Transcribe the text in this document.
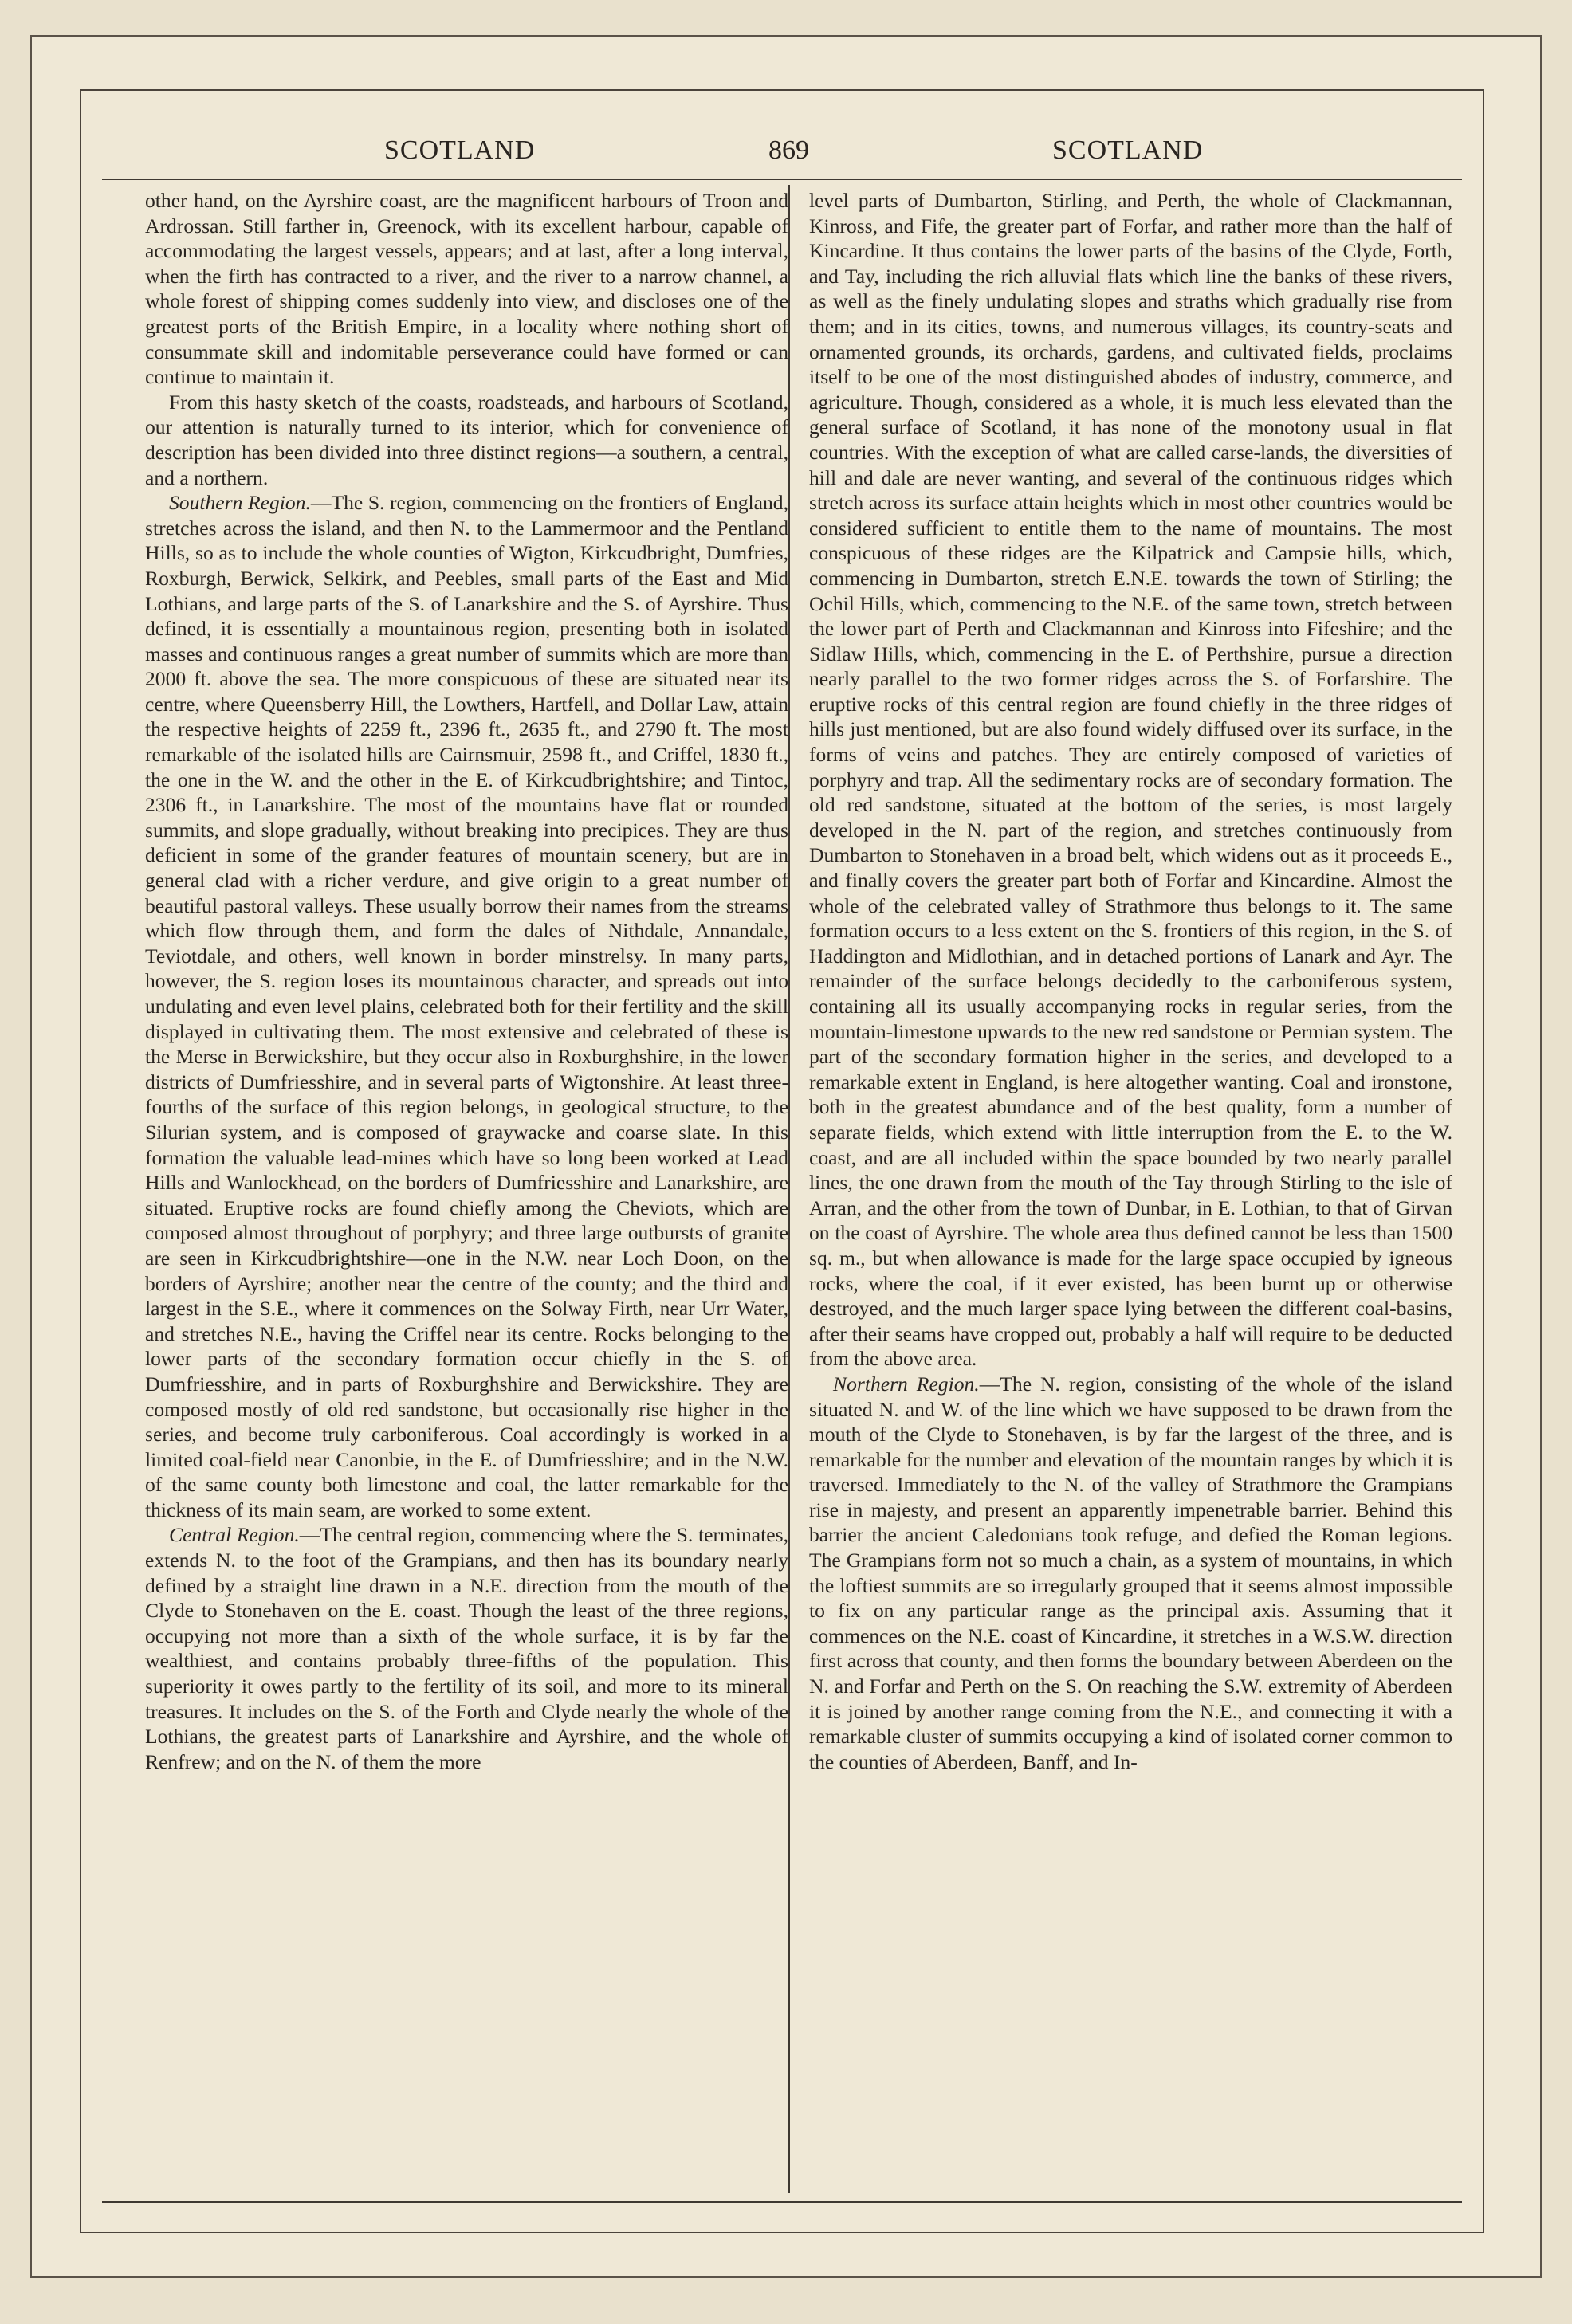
SCOTLAND	869	SCOTLAND

other hand, on the Ayrshire coast, are the magnificent harbours of Troon and Ardrossan. Still farther in, Greenock, with its excellent harbour, capable of accommodating the largest vessels, appears; and at last, after a long interval, when the firth has contracted to a river, and the river to a narrow channel, a whole forest of shipping comes suddenly into view, and discloses one of the greatest ports of the British Empire, in a locality where nothing short of consummate skill and indomitable perseverance could have formed or can continue to maintain it.

From this hasty sketch of the coasts, roadsteads, and harbours of Scotland, our attention is naturally turned to its interior, which for convenience of description has been divided into three distinct regions—a southern, a central, and a northern.

Southern Region.—The S. region, commencing on the frontiers of England, stretches across the island, and then N. to the Lammermoor and the Pentland Hills, so as to include the whole counties of Wigton, Kirkcudbright, Dumfries, Roxburgh, Berwick, Selkirk, and Peebles, small parts of the East and Mid Lothians, and large parts of the S. of Lanarkshire and the S. of Ayrshire. Thus defined, it is essentially a mountainous region, presenting both in isolated masses and continuous ranges a great number of summits which are more than 2000 ft. above the sea. The more conspicuous of these are situated near its centre, where Queensberry Hill, the Lowthers, Hartfell, and Dollar Law, attain the respective heights of 2259 ft., 2396 ft., 2635 ft., and 2790 ft. The most remarkable of the isolated hills are Cairnsmuir, 2598 ft., and Criffel, 1830 ft., the one in the W. and the other in the E. of Kirkcudbrightshire; and Tintoc, 2306 ft., in Lanarkshire. The most of the mountains have flat or rounded summits, and slope gradually, without breaking into precipices. They are thus deficient in some of the grander features of mountain scenery, but are in general clad with a richer verdure, and give origin to a great number of beautiful pastoral valleys. These usually borrow their names from the streams which flow through them, and form the dales of Nithdale, Annandale, Teviotdale, and others, well known in border minstrelsy. In many parts, however, the S. region loses its mountainous character, and spreads out into undulating and even level plains, celebrated both for their fertility and the skill displayed in cultivating them. The most extensive and celebrated of these is the Merse in Berwickshire, but they occur also in Roxburghshire, in the lower districts of Dumfriesshire, and in several parts of Wigtonshire. At least three-fourths of the surface of this region belongs, in geological structure, to the Silurian system, and is composed of graywacke and coarse slate. In this formation the valuable lead-mines which have so long been worked at Lead Hills and Wanlockhead, on the borders of Dumfriesshire and Lanarkshire, are situated. Eruptive rocks are found chiefly among the Cheviots, which are composed almost throughout of porphyry; and three large outbursts of granite are seen in Kirkcudbrightshire—one in the N.W. near Loch Doon, on the borders of Ayrshire; another near the centre of the county; and the third and largest in the S.E., where it commences on the Solway Firth, near Urr Water, and stretches N.E., having the Criffel near its centre. Rocks belonging to the lower parts of the secondary formation occur chiefly in the S. of Dumfriesshire, and in parts of Roxburghshire and Berwickshire. They are composed mostly of old red sandstone, but occasionally rise higher in the series, and become truly carboniferous. Coal accordingly is worked in a limited coal-field near Canonbie, in the E. of Dumfriesshire; and in the N.W. of the same county both limestone and coal, the latter remarkable for the thickness of its main seam, are worked to some extent.

Central Region.—The central region, commencing where the S. terminates, extends N. to the foot of the Grampians, and then has its boundary nearly defined by a straight line drawn in a N.E. direction from the mouth of the Clyde to Stonehaven on the E. coast. Though the least of the three regions, occupying not more than a sixth of the whole surface, it is by far the wealthiest, and contains probably three-fifths of the population. This superiority it owes partly to the fertility of its soil, and more to its mineral treasures. It includes on the S. of the Forth and Clyde nearly the whole of the Lothians, the greatest parts of Lanarkshire and Ayrshire, and the whole of Renfrew; and on the N. of them the more

level parts of Dumbarton, Stirling, and Perth, the whole of Clackmannan, Kinross, and Fife, the greater part of Forfar, and rather more than the half of Kincardine. It thus contains the lower parts of the basins of the Clyde, Forth, and Tay, including the rich alluvial flats which line the banks of these rivers, as well as the finely undulating slopes and straths which gradually rise from them; and in its cities, towns, and numerous villages, its country-seats and ornamented grounds, its orchards, gardens, and cultivated fields, proclaims itself to be one of the most distinguished abodes of industry, commerce, and agriculture. Though, considered as a whole, it is much less elevated than the general surface of Scotland, it has none of the monotony usual in flat countries. With the exception of what are called carse-lands, the diversities of hill and dale are never wanting, and several of the continuous ridges which stretch across its surface attain heights which in most other countries would be considered sufficient to entitle them to the name of mountains. The most conspicuous of these ridges are the Kilpatrick and Campsie hills, which, commencing in Dumbarton, stretch E.N.E. towards the town of Stirling; the Ochil Hills, which, commencing to the N.E. of the same town, stretch between the lower part of Perth and Clackmannan and Kinross into Fifeshire; and the Sidlaw Hills, which, commencing in the E. of Perthshire, pursue a direction nearly parallel to the two former ridges across the S. of Forfarshire. The eruptive rocks of this central region are found chiefly in the three ridges of hills just mentioned, but are also found widely diffused over its surface, in the forms of veins and patches. They are entirely composed of varieties of porphyry and trap. All the sedimentary rocks are of secondary formation. The old red sandstone, situated at the bottom of the series, is most largely developed in the N. part of the region, and stretches continuously from Dumbarton to Stonehaven in a broad belt, which widens out as it proceeds E., and finally covers the greater part both of Forfar and Kincardine. Almost the whole of the celebrated valley of Strathmore thus belongs to it. The same formation occurs to a less extent on the S. frontiers of this region, in the S. of Haddington and Midlothian, and in detached portions of Lanark and Ayr. The remainder of the surface belongs decidedly to the carboniferous system, containing all its usually accompanying rocks in regular series, from the mountain-limestone upwards to the new red sandstone or Permian system. The part of the secondary formation higher in the series, and developed to a remarkable extent in England, is here altogether wanting. Coal and ironstone, both in the greatest abundance and of the best quality, form a number of separate fields, which extend with little interruption from the E. to the W. coast, and are all included within the space bounded by two nearly parallel lines, the one drawn from the mouth of the Tay through Stirling to the isle of Arran, and the other from the town of Dunbar, in E. Lothian, to that of Girvan on the coast of Ayrshire. The whole area thus defined cannot be less than 1500 sq. m., but when allowance is made for the large space occupied by igneous rocks, where the coal, if it ever existed, has been burnt up or otherwise destroyed, and the much larger space lying between the different coal-basins, after their seams have cropped out, probably a half will require to be deducted from the above area.

Northern Region.—The N. region, consisting of the whole of the island situated N. and W. of the line which we have supposed to be drawn from the mouth of the Clyde to Stonehaven, is by far the largest of the three, and is remarkable for the number and elevation of the mountain ranges by which it is traversed. Immediately to the N. of the valley of Strathmore the Grampians rise in majesty, and present an apparently impenetrable barrier. Behind this barrier the ancient Caledonians took refuge, and defied the Roman legions. The Grampians form not so much a chain, as a system of mountains, in which the loftiest summits are so irregularly grouped that it seems almost impossible to fix on any particular range as the principal axis. Assuming that it commences on the N.E. coast of Kincardine, it stretches in a W.S.W. direction first across that county, and then forms the boundary between Aberdeen on the N. and Forfar and Perth on the S. On reaching the S.W. extremity of Aberdeen it is joined by another range coming from the N.E., and connecting it with a remarkable cluster of summits occupying a kind of isolated corner common to the counties of Aberdeen, Banff, and In-
